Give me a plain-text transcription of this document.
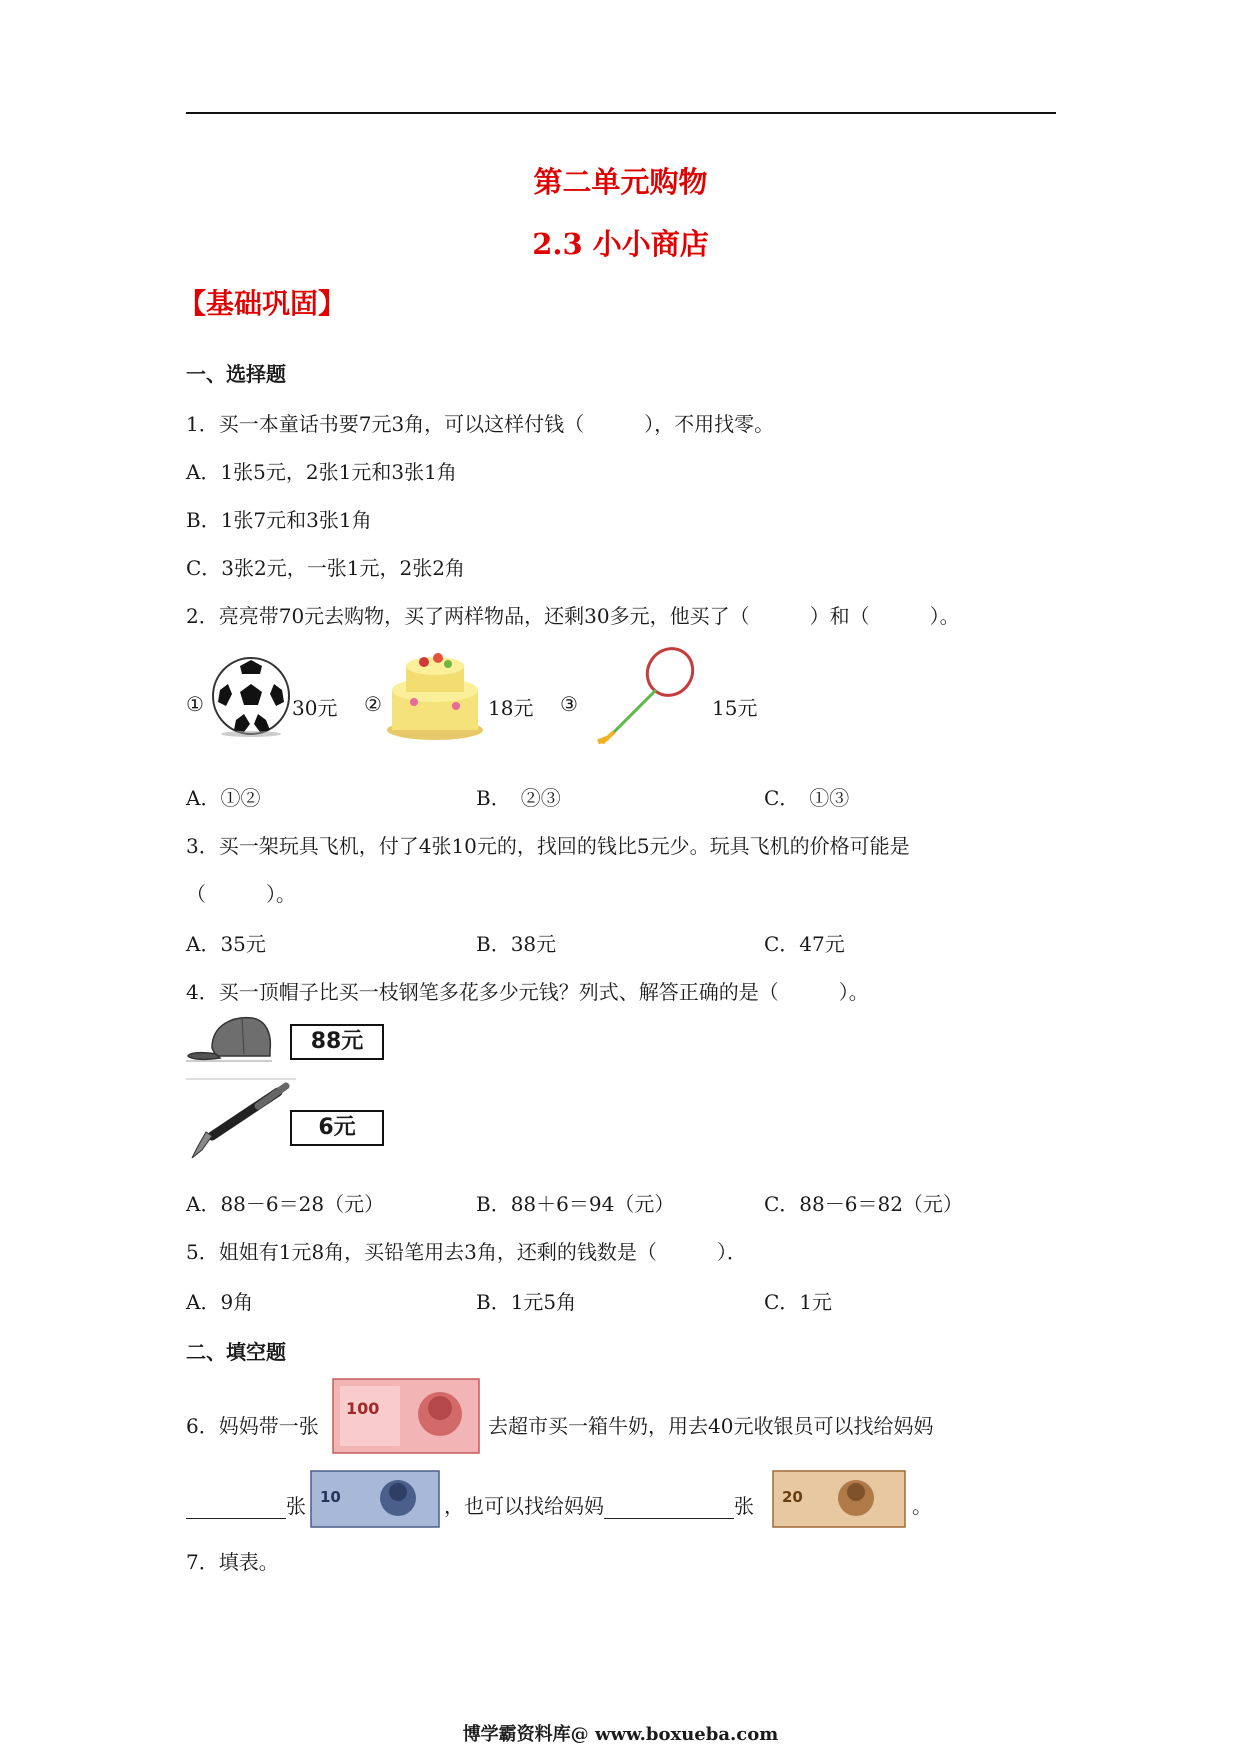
第二单元购物
2.3 小小商店
【基础巩固】
一、选择题
1．买一本童话书要7元3角，可以这样付钱（　　　），不用找零。
A．1张5元，2张1元和3张1角
B．1张7元和3张1角
C．3张2元，一张1元，2张2角
2．亮亮带70元去购物，买了两样物品，还剩30多元，他买了（　　　）和（　　　）。
①	30元 ②	18元 ③	15元
A．①②	B．　②③	C．　①③
3．买一架玩具飞机，付了4张10元的，找回的钱比5元少。玩具飞机的价格可能是
（　　　）。
A．35元	B．38元	C．47元
4．买一顶帽子比买一枝钢笔多花多少元钱？列式、解答正确的是（　　　）。
88元
6元
A．88－6＝28（元）	B．88＋6＝94（元）	C．88－6＝82（元）
5．姐姐有1元8角，买铅笔用去3角，还剩的钱数是（　　　）．
A．9角	B．1元5角	C．1元
二、填空题
6．妈妈带一张
100
去超市买一箱牛奶，用去40元收银员可以找给妈妈
张 10	，也可以找给妈妈	张 20	。
7．填表。
博学霸资料库@ www.boxueba.com
